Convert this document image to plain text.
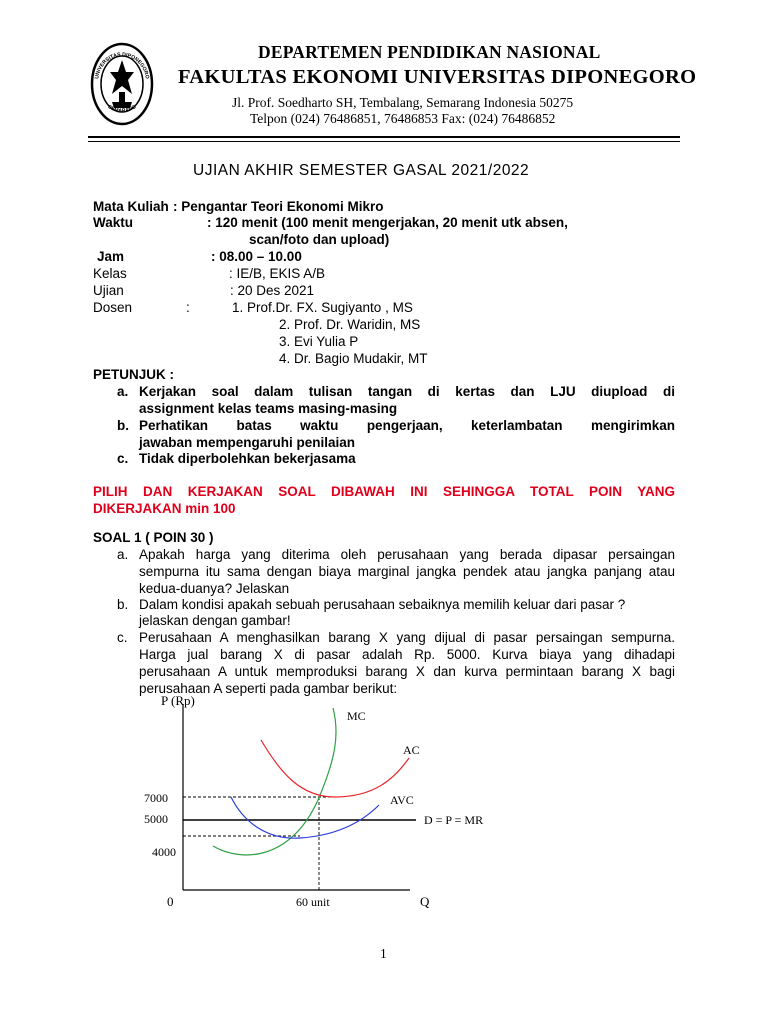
UNIVERSITAS DIPONEGORO
SEMARANG
DEPARTEMEN PENDIDIKAN NASIONAL
FAKULTAS EKONOMI UNIVERSITAS DIPONEGORO
Jl. Prof. Soedharto SH, Tembalang, Semarang Indonesia 50275
Telpon (024) 76486851, 76486853 Fax: (024) 76486852
UJIAN AKHIR SEMESTER GASAL 2021/2022
Mata Kuliah : Pengantar Teori Ekonomi Mikro
Waktu	: 120 menit (100 menit mengerjakan, 20 menit utk absen,
scan/foto dan upload)
Jam	: 08.00 – 10.00
Kelas	: IE/B, EKIS A/B
Ujian	: 20 Des 2021
Dosen	:	1. Prof.Dr. FX. Sugiyanto , MS
2. Prof. Dr. Waridin, MS
3. Evi Yulia P
4. Dr. Bagio Mudakir, MT
PETUNJUK :
a. Kerjakan soal dalam tulisan tangan di kertas dan LJU diupload di
assignment kelas teams masing-masing
b. Perhatikan batas waktu pengerjaan, keterlambatan mengirimkan
jawaban mempengaruhi penilaian
c. Tidak diperbolehkan bekerjasama
PILIH DAN KERJAKAN SOAL DIBAWAH INI SEHINGGA TOTAL POIN YANG
DIKERJAKAN min 100
SOAL 1 ( POIN 30 )
a. Apakah harga yang diterima oleh perusahaan yang berada dipasar persaingan
sempurna itu sama dengan biaya marginal jangka pendek atau jangka panjang atau
kedua-duanya? Jelaskan
b. Dalam kondisi apakah sebuah perusahaan sebaiknya memilih keluar dari pasar ?
jelaskan dengan gambar!
c. Perusahaan A menghasilkan barang X yang dijual di pasar persaingan sempurna.
Harga jual barang X di pasar adalah Rp. 5000. Kurva biaya yang dihadapi
perusahaan A untuk memproduksi barang X dan kurva permintaan barang X bagi
perusahaan A seperti pada gambar berikut:
P (Rp)
Q
0
7000
5000
4000
60 unit
MC
AC
AVC
D = P = MR
1
